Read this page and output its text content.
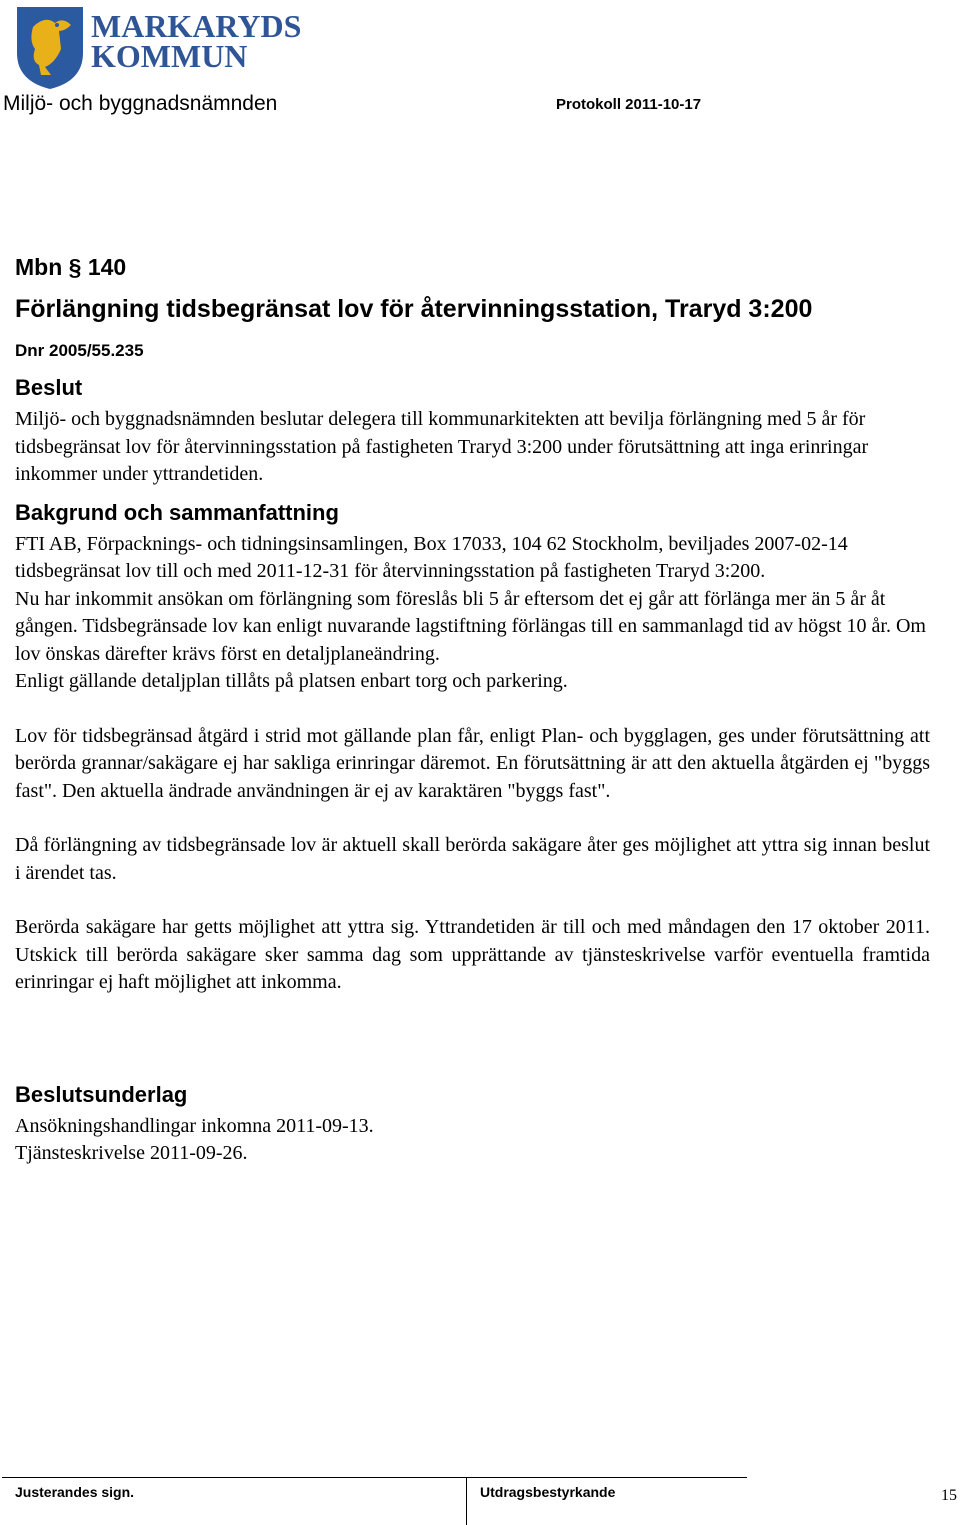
MARKARYDS
KOMMUN
Miljö- och byggnadsnämnden	Protokoll 2011-10-17

Mbn § 140

Förlängning tidsbegränsat lov för återvinningsstation, Traryd 3:200

Dnr 2005/55.235

Beslut

Miljö- och byggnadsnämnden beslutar delegera till kommunarkitekten att bevilja förlängning med 5 år för tidsbegränsat lov för återvinningsstation på fastigheten Traryd 3:200 under förutsättning att inga erinringar inkommer under yttrandetiden.

Bakgrund och sammanfattning

FTI AB, Förpacknings- och tidningsinsamlingen, Box 17033, 104 62 Stockholm, beviljades 2007-02-14 tidsbegränsat lov till och med 2011-12-31 för återvinningsstation på fastigheten Traryd 3:200.

Nu har inkommit ansökan om förlängning som föreslås bli 5 år eftersom det ej går att förlänga mer än 5 år åt gången. Tidsbegränsade lov kan enligt nuvarande lagstiftning förlängas till en sammanlagd tid av högst 10 år. Om lov önskas därefter krävs först en detaljplaneändring.

Enligt gällande detaljplan tillåts på platsen enbart torg och parkering.

Lov för tidsbegränsad åtgärd i strid mot gällande plan får, enligt Plan- och bygglagen, ges under förutsättning att berörda grannar/sakägare ej har sakliga erinringar däremot. En förutsättning är att den aktuella åtgärden ej "byggs fast". Den aktuella ändrade användningen är ej av karaktären "byggs fast".

Då förlängning av tidsbegränsade lov är aktuell skall berörda sakägare åter ges möjlighet att yttra sig innan beslut i ärendet tas.

Berörda sakägare har getts möjlighet att yttra sig. Yttrandetiden är till och med måndagen den 17 oktober 2011. Utskick till berörda sakägare sker samma dag som upprättande av tjänsteskrivelse varför eventuella framtida erinringar ej haft möjlighet att inkomma.

Beslutsunderlag

Ansökningshandlingar inkomna 2011-09-13.

Tjänsteskrivelse 2011-09-26.

Justerandes sign.	Utdragsbestyrkande	15
